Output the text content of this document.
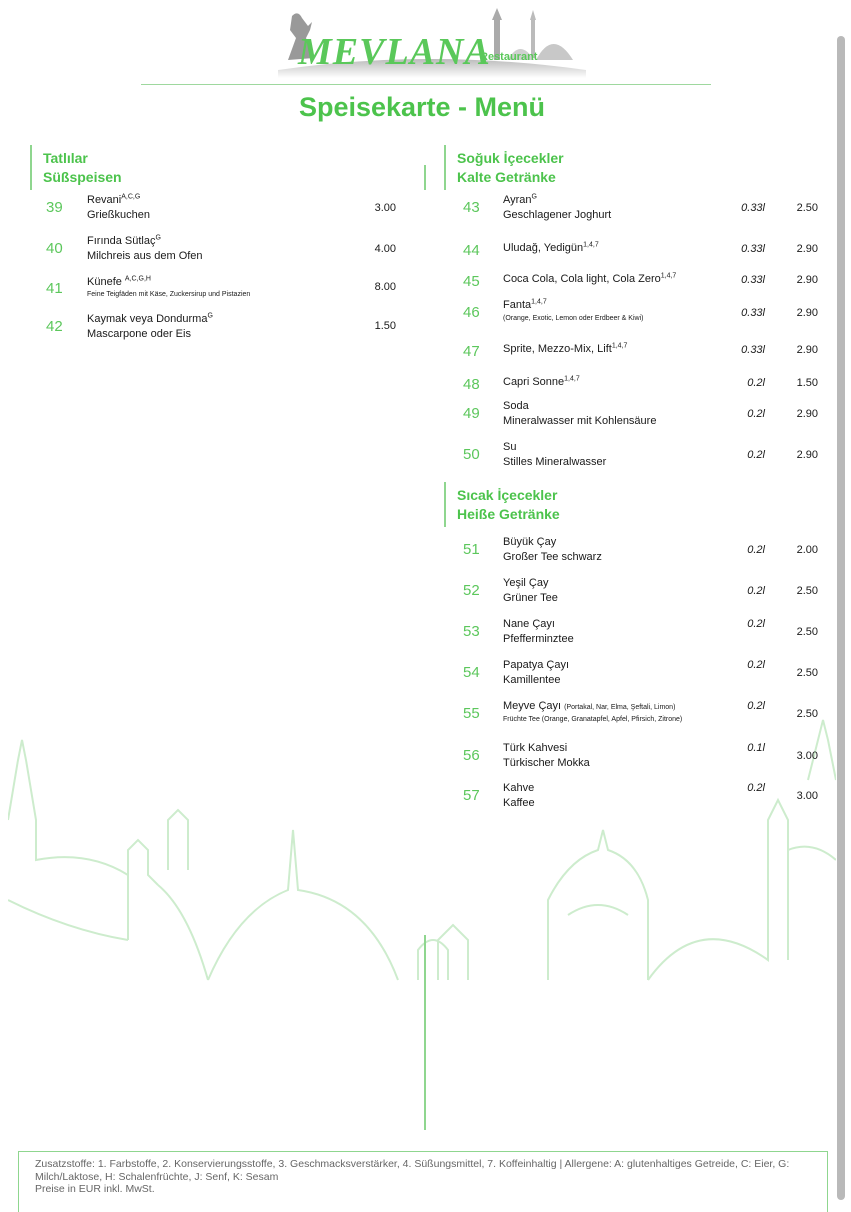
MEVLANA
Restaurant
Speisekarte - Menü
Tatlılar
Süßspeisen
39 Revani$^{A,C,G}$
Grießkuchen
3.00
40 Fırında Sütlaç$^G$
Milchreis aus dem Ofen
4.00
41 Künefe $^{A,C,G,H}$
Feine Teigfäden mit Käse, Zuckersirup und Pistazien
8.00
42 Kaymak veya Dondurma$^G$
Mascarpone oder Eis
1.50
Soğuk İçecekler
Kalte Getränke
43 Ayran$^G$
Geschlagener Joghurt
0.33l	2.50
44 Uludağ, Yedigün$^{1,4,7}$	0.33l	2.90
45 Coca Cola, Cola light, Cola Zero$^{1,4,7}$	0.33l	2.90
46 Fanta$^{1,4,7}$
(Orange, Exotic, Lemon oder Erdbeer & Kiwi)	0.33l	2.90
47 Sprite, Mezzo-Mix, Lift$^{1,4,7}$	0.33l	2.90
48 Capri Sonne$^{1,4,7}$	0.2l	1.50
49 Soda
Mineralwasser mit Kohlensäure
0.2l	2.90
50 Su
Stilles Mineralwasser
0.2l	2.90
Sıcak İçecekler
Heiße Getränke
51 Büyük Çay
Großer Tee schwarz
0.2l	2.00
52 Yeşil Çay
Grüner Tee
0.2l	2.50
53 Nane Çayı
Pfefferminztee
0.2l
2.50
54 Papatya Çayı
Kamillentee
0.2l
2.50
55 Meyve Çayı (Portakal, Nar, Elma, Şeftali, Limon)
Früchte Tee (Orange, Granatapfel, Apfel, Pfirsich, Zitrone)
0.2l
2.50
56 Türk Kahvesi
Türkischer Mokka
0.1l
3.00
57 Kahve
Kaffee
0.2l
3.00
Zusatzstoffe: 1. Farbstoffe, 2. Konservierungsstoffe, 3. Geschmacksverstärker, 4. Süßungsmittel, 7. Koffeinhaltig | Allergene: A: glutenhaltiges Getreide, C: Eier, G: Milch/Laktose, H: Schalenfrüchte, J: Senf, K: Sesam
Preise in EUR inkl. MwSt.
